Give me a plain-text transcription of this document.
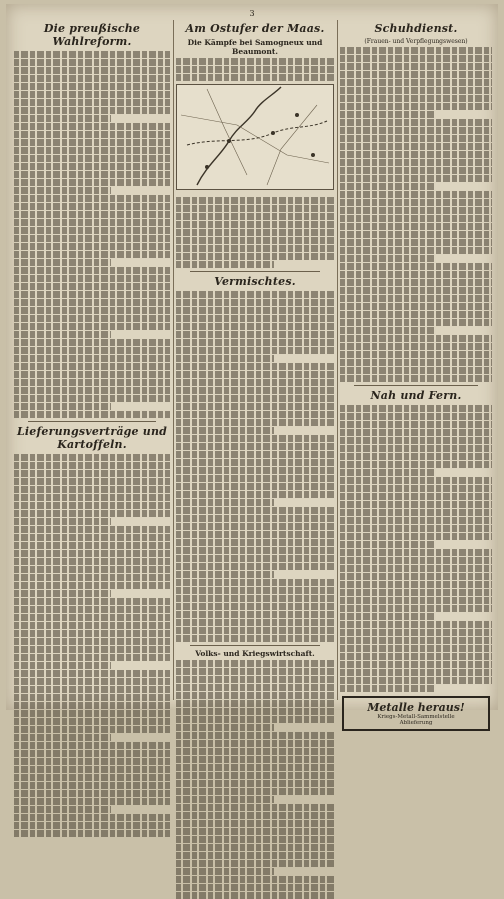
3
Die preußische Wahlreform.
Lieferungsverträge und Kartoffeln.
Am Ostufer der Maas.
Die Kämpfe bei Samogneux und Beaumont.
Vermischtes.
Volks- und Kriegswirtschaft.
Schuhdienst.
(Frauen- und Verpflegungswesen)
Nah und Fern.
Metalle heraus!
Kriegs-Metall-Sammelstelle
Ablieferung
